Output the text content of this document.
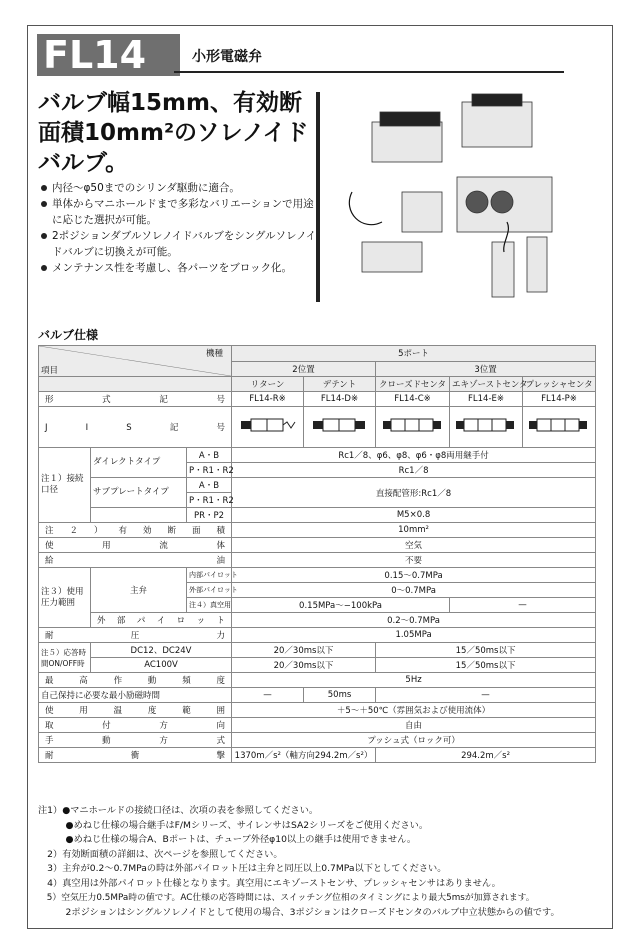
FL14	小形電磁弁
バルブ幅15mm、有効断
面積10mm²のソレノイド
バルブ。
内径～φ50までのシリンダ駆動に適合。
単体からマニホールドまで多彩なバリエーションで用途に応じた選択が可能。
2ポジションダブルソレノイドバルブをシングルソレノイドバルブに切換えが可能。
メンテナンス性を考慮し、各パーツをブロック化。
バルブ仕様
項目
機種			5ポート				
			2位置		3位置		
			リターン	デテント	クローズドセンタ	エキゾーストセンタ	プレッシャセンタ
形　式　記　号			FL14-R※	FL14-D※	FL14-C※	FL14-E※	FL14-P※
J　I　S　記　号	

注１）接続口径	ダイレクトタイプ	A・B	Rc1／8、φ6、φ8、φ6・φ8両用継手付				
		P・R1・R2	Rc1／8				
	サブプレートタイプ	A・B	直接配管形:Rc1／8				
		P・R1・R2					
		PR・P2	M5×0.8				
注２）有効断面積			10mm²				
使　用　流　体			空気				
給　　　油			不要				
注３）使用圧力範囲	主弁	内部パイロット	0.15～0.7MPa				
		外部パイロット	0～0.7MPa				
		注４）真空用	0.15MPa～−100kPa			—	
	外　部　パ　イ　ロ　ッ　ト		0.2～0.7MPa				
耐　　圧　　力			1.05MPa				
注５）応答時間ON/OFF時	DC12、DC24V		20／30ms以下		15／50ms以下		
	AC100V		20／30ms以下		15／50ms以下		
最　高　作　動　頻　度			5Hz				
自己保持に必要な最小励磁時間			—	50ms	—		
使　用　温　度　範　囲			＋5～＋50℃（雰囲気および使用流体）				
取　付　方　向			自由				
手　動　方　式			プッシュ式（ロック可）				
耐　　衝　　撃			1370m／s²（軸方向294.2m／s²）		294.2m／s²		
注1）●マニホールドの接続口径は、次項の表を参照してください。
　　　●めねじ仕様の場合継手はF/Mシリーズ、サイレンサはSA2シリーズをご使用ください。
　　　●めねじ仕様の場合A、Bポートは、チューブ外径φ10以上の継手は使用できません。
　2）有効断面積の詳細は、次ページを参照してください。
　3）主弁が0.2～0.7MPaの時は外部パイロット圧は主弁と同圧以上0.7MPa以下としてください。
　4）真空用は外部パイロット仕様となります。真空用にエキゾーストセンサ、プレッシャセンサはありません。
　5）空気圧力0.5MPa時の値です。AC仕様の応答時間には、スイッチング位相のタイミングにより最大5msが加算されます。
　　　2ポジションはシングルソレノイドとして使用の場合、3ポジションはクローズドセンタのバルブ中立状態からの値です。
